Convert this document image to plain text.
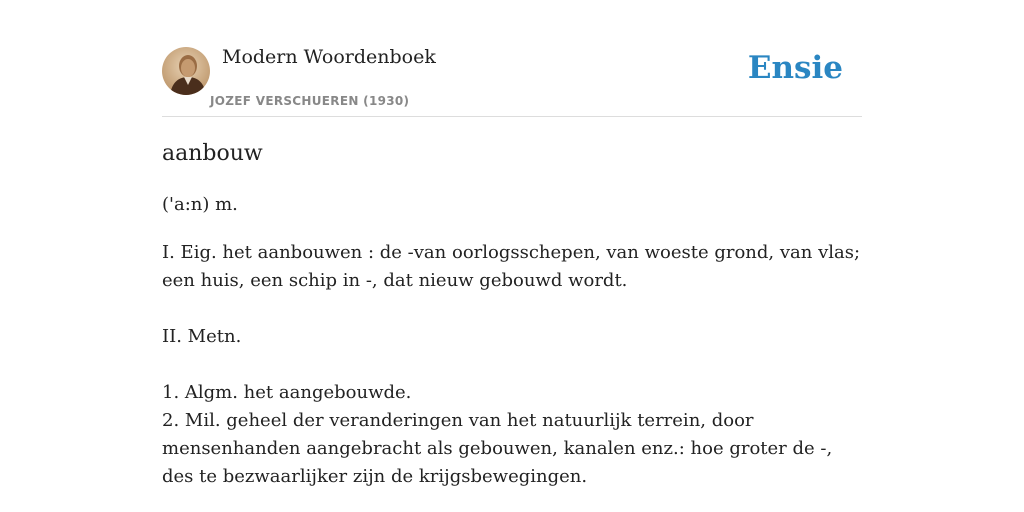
Modern Woordenboek
JOZEF VERSCHUEREN (1930)
Ensie
aanbouw
('a:n) m.

I. Eig. het aanbouwen : de -van oorlogsschepen, van woeste grond, van vlas; een huis, een schip in -, dat nieuw gebouwd wordt.

II. Metn.

1. Algm. het aangebouwde.

2. Mil. geheel der veranderingen van het natuurlijk terrein, door mensenhanden aangebracht als gebouwen, kanalen enz.: hoe groter de -, des te bezwaarlijker zijn de krijgsbewegingen.
